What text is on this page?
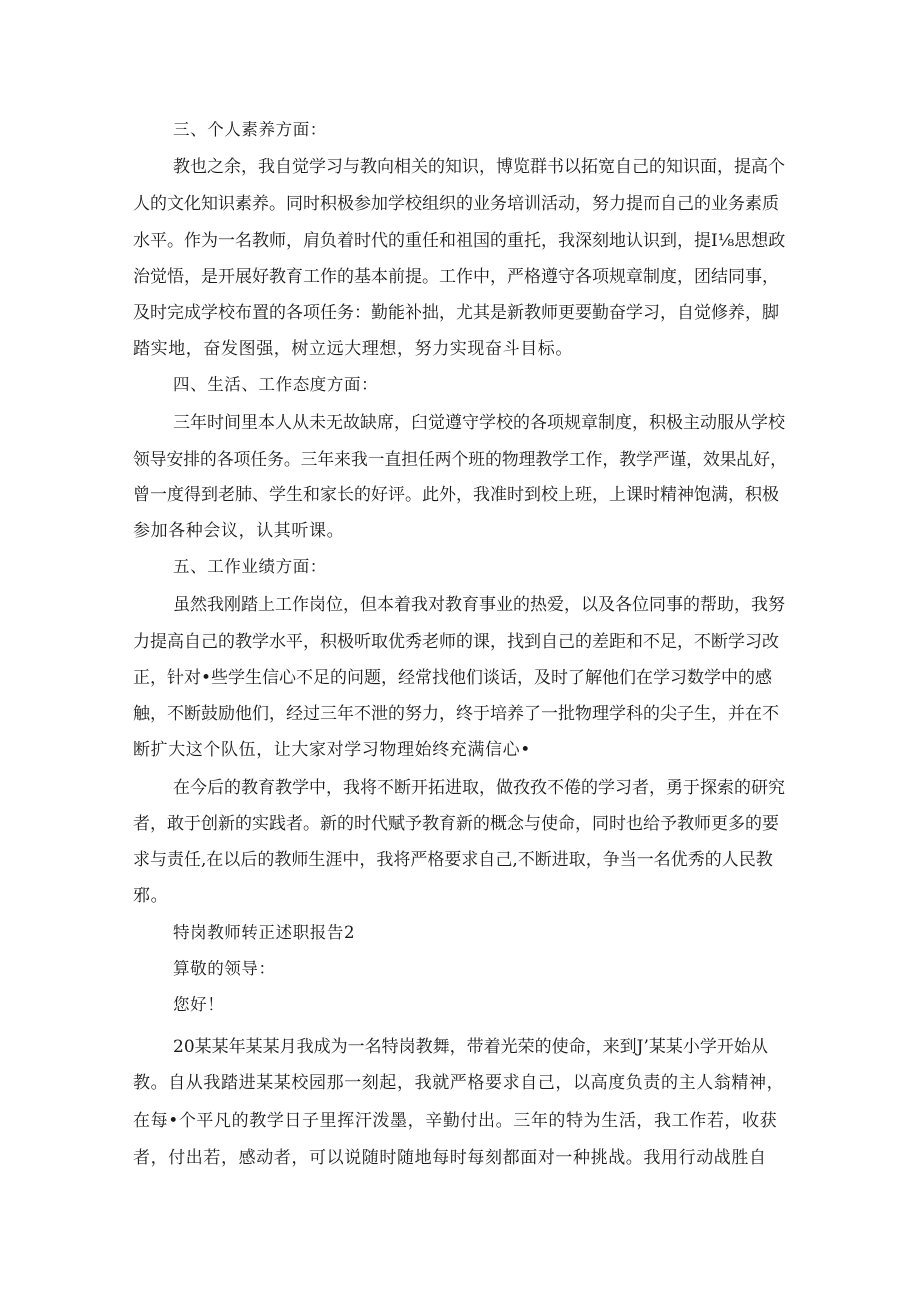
三、个人素养方面：
教也之余，我自觉学习与教向相关的知识，博览群书以拓宽自己的知识面，提高个
人的文化知识素养。同时积极参加学校组织的业务培训活动，努力提而自己的业务素质
水平。作为一名教师，肩负着时代的重任和祖国的重托，我深刻地认识到，提I⅛思想政
治觉悟，是开展好教育工作的基本前提。工作中，严格遵守各项规章制度，团结同事，
及时完成学校布置的各项任务：勤能补拙，尤其是新教师更要勤奋学习，自觉修养，脚
踏实地，奋发图强，树立远大理想，努力实现奋斗目标。
四、生活、工作态度方面：
三年时间里本人从未无故缺席，臼觉遵守学校的各项规章制度，积极主动服从学校
领导安排的各项任务。三年来我一直担任两个班的物理教学工作，教学严谨，效果乩好，
曾一度得到老肺、学生和家长的好评。此外，我准时到校上班，上课时精神饱满，积极
参加各种会议，认其听课。
五、工作业绩方面：
虽然我刚踏上工作岗位，但本着我对教育事业的热爱，以及各位同事的帮助，我努
力提高自己的教学水平，积极听取优秀老师的课，找到自己的差距和不足，不断学习改
正，针对•些学生信心不足的问题，经常找他们谈话，及时了解他们在学习数学中的感
触，不断鼓励他们，经过三年不泄的努力，终于培养了一批物理学科的尖子生，并在不
断扩大这个队伍，让大家对学习物理始终充满信心•
在今后的教育教学中，我将不断开拓进取，做孜孜不倦的学习者，勇于探索的研究
者，敢于创新的实践者。新的时代赋予教育新的概念与使命，同时也给予教师更多的要
求与责任,在以后的教师生涯中，我将严格要求自己,不断进取，争当一名优秀的人民教
邪。
特岗教师转正述职报告2
算敬的领导：
您好！
20某某年某某月我成为一名特岗教舞，带着光荣的使命，来到J’某某小学开始从
教。自从我踏进某某校园那一刻起，我就严格要求自己，以高度负责的主人翁精神，
在每•个平凡的教学日子里挥汗泼墨，辛勤付出。三年的特为生活，我工作若，收获
者，付出若，感动者，可以说随时随地每时每刻都面对一种挑战。我用行动战胜自
